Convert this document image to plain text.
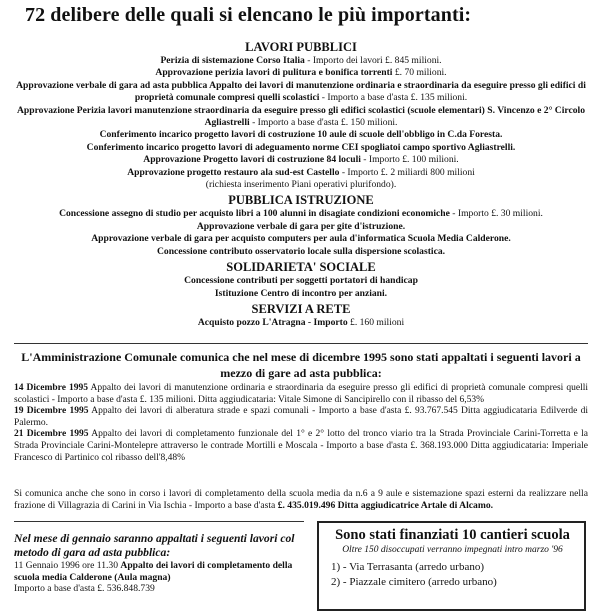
72 delibere delle quali si elencano le più importanti:
LAVORI PUBBLICI
Perizia di sistemazione Corso Italia - Importo dei lavori £. 845 milioni.
Approvazione perizia lavori di pulitura e bonifica torrenti £. 70 milioni.
Approvazione verbale di gara ad asta pubblica Appalto dei lavori di manutenzione ordinaria e straordinaria da eseguire presso gli edifici di proprietà comunale compresi quelli scolastici - Importo a base d'asta £. 135 milioni.
Approvazione Perizia lavori manutenzione straordinaria da eseguire presso gli edifici scolastici (scuole elementari) S. Vincenzo e 2° Circolo Agliastrelli - Importo a base d'asta £. 150 milioni.
Conferimento incarico progetto lavori di costruzione 10 aule di scuole dell'obbligo in C.da Foresta.
Conferimento incarico progetto lavori di adeguamento norme CEI spogliatoi campo sportivo Agliastrelli.
Approvazione Progetto lavori di costruzione 84 loculi - Importo £. 100 milioni.
Approvazione progetto restauro ala sud-est Castello - Importo £. 2 miliardi 800 milioni
(richiesta inserimento Piani operativi plurifondo).
PUBBLICA ISTRUZIONE
Concessione assegno di studio per acquisto libri a 100 alunni in disagiate condizioni economiche - Importo £. 30 milioni.
Approvazione verbale di gara per gite d'istruzione.
Approvazione verbale di gara per acquisto computers per aula d'informatica Scuola Media Calderone.
Concessione contributo osservatorio locale sulla dispersione scolastica.
SOLIDARIETA' SOCIALE
Concessione contributi per soggetti portatori di handicap
Istituzione Centro di incontro per anziani.
SERVIZI A RETE
Acquisto pozzo L'Atragna - Importo £. 160 milioni
L'Amministrazione Comunale comunica che nel mese di dicembre 1995 sono stati appaltati i seguenti lavori a mezzo di gare ad asta pubblica:

14 Dicembre 1995 Appalto dei lavori di manutenzione ordinaria e straordinaria da eseguire presso gli edifici di proprietà comunale compresi quelli scolastici - Importo a base d'asta £. 135 milioni. Ditta aggiudicataria: Vitale Simone di Sancipirello con il ribasso del 6,53%

19 Dicembre 1995 Appalto dei lavori di alberatura strade e spazi comunali - Importo a base d'asta £. 93.767.545 Ditta aggiudicataria Edilverde di Palermo.

21 Dicembre 1995 Appalto dei lavori di completamento funzionale del 1° e 2° lotto del tronco viario tra la Strada Provinciale Carini-Torretta e la Strada Provinciale Carini-Montelepre attraverso le contrade Mortilli e Moscala - Importo a base d'asta £. 368.193.000 Ditta aggiudicataria: Imperiale Francesco di Partinico col ribasso dell'8,48%

Si comunica anche che sono in corso i lavori di completamento della scuola media da n.6 a 9 aule e sistemazione spazi esterni da realizzare nella frazione di Villagrazia di Carini in Via Ischia - Importo a base d'asta £. 435.019.496 Ditta aggiudicatrice Artale di Alcamo.

Nel mese di gennaio saranno appaltati i seguenti lavori col metodo di gara ad asta pubblica:

11 Gennaio 1996 ore 11.30 Appalto dei lavori di completamento della scuola media Calderone (Aula magna)

Importo a base d'asta £. 536.848.739

Sono stati finanziati 10 cantieri scuola
Oltre 150 disoccupati verranno impegnati intro marzo '96
1) - Via Terrasanta (arredo urbano)
2) - Piazzale cimitero (arredo urbano)
